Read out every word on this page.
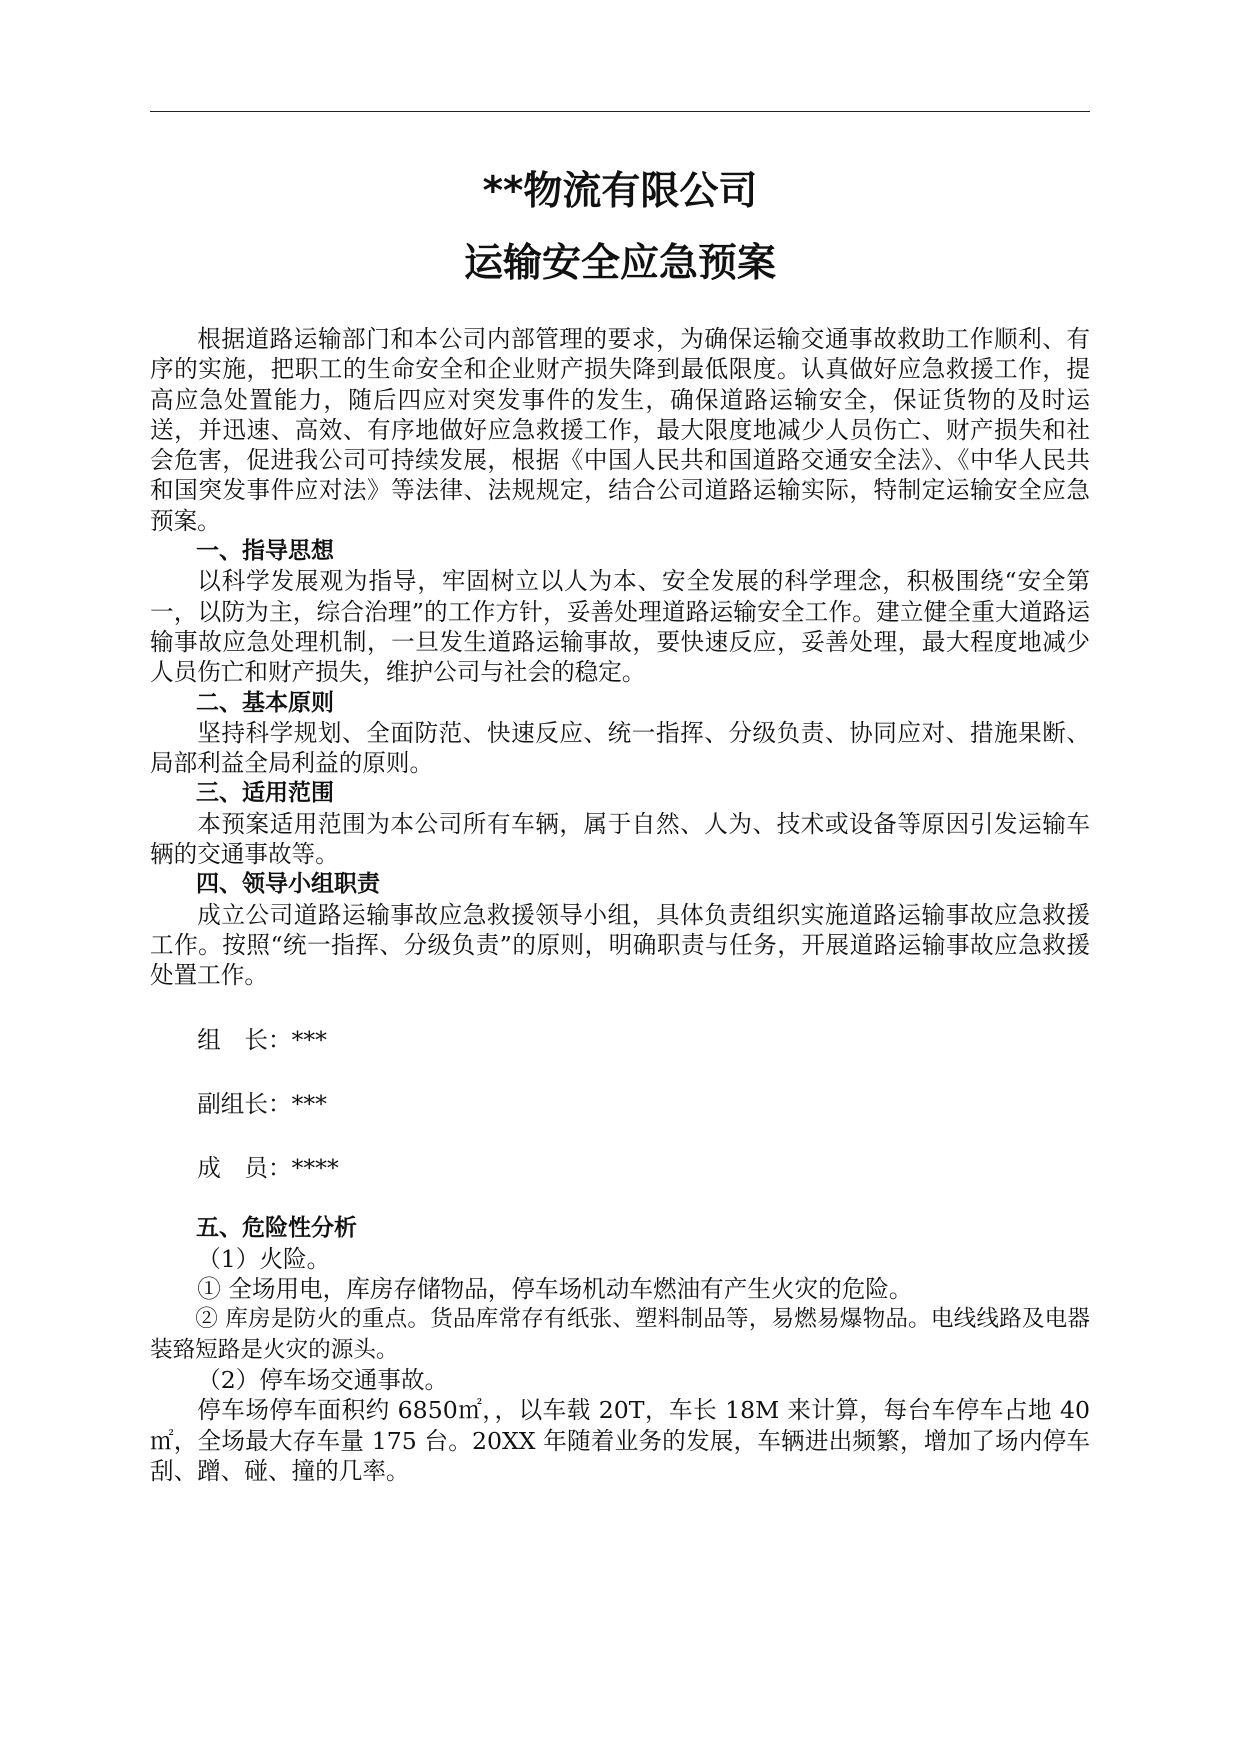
**物流有限公司
运输安全应急预案

根据道路运输部门和本公司内部管理的要求，为确保运输交通事故救助工作顺利、有序的实施，把职工的生命安全和企业财产损失降到最低限度。认真做好应急救援工作，提高应急处置能力，随后四应对突发事件的发生，确保道路运输安全，保证货物的及时运送，并迅速、高效、有序地做好应急救援工作，最大限度地减少人员伤亡、财产损失和社会危害，促进我公司可持续发展，根据《中国人民共和国道路交通安全法》、《中华人民共和国突发事件应对法》等法律、法规规定，结合公司道路运输实际，特制定运输安全应急预案。

一、指导思想

以科学发展观为指导，牢固树立以人为本、安全发展的科学理念，积极围绕“安全第一，以防为主，综合治理”的工作方针，妥善处理道路运输安全工作。建立健全重大道路运输事故应急处理机制，一旦发生道路运输事故，要快速反应，妥善处理，最大程度地减少人员伤亡和财产损失，维护公司与社会的稳定。

二、基本原则

坚持科学规划、全面防范、快速反应、统一指挥、分级负责、协同应对、措施果断、局部利益全局利益的原则。

三、适用范围

本预案适用范围为本公司所有车辆，属于自然、人为、技术或设备等原因引发运输车辆的交通事故等。

四、领导小组职责

成立公司道路运输事故应急救援领导小组，具体负责组织实施道路运输事故应急救援工作。按照“统一指挥、分级负责”的原则，明确职责与任务，开展道路运输事故应急救援处置工作。

组　长：***

副组长：***

成　员：****

五、危险性分析

（1）火险。

① 全场用电，库房存储物品，停车场机动车燃油有产生火灾的危险。

② 库房是防火的重点。货品库常存有纸张、塑料制品等，易燃易爆物品。电线线路及电器装臵短路是火灾的源头。

（2）停车场交通事故。

停车场停车面积约 6850㎡，，以车载 20T，车长 18M 来计算，每台车停车占地 40㎡，全场最大存车量 175 台。20XX 年随着业务的发展，车辆进出频繁，增加了场内停车刮、蹭、碰、撞的几率。
